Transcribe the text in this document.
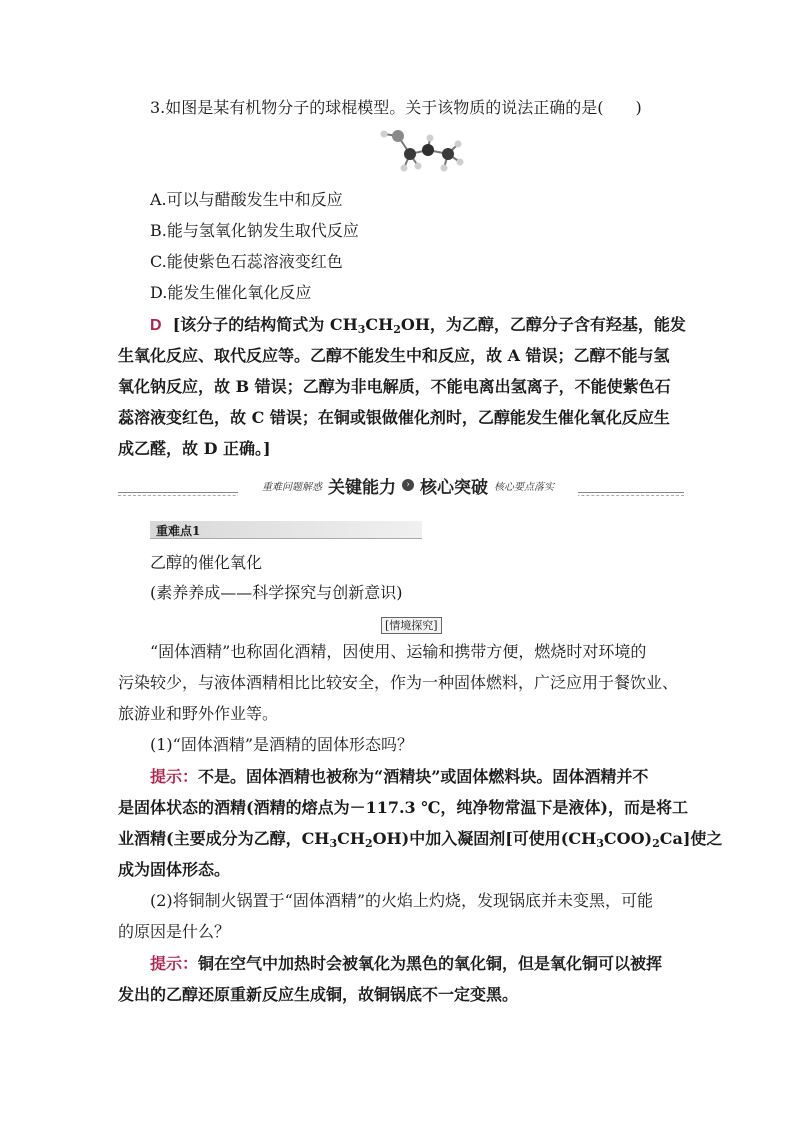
3.如图是某有机物分子的球棍模型。关于该物质的说法正确的是(　　)
A.可以与醋酸发生中和反应
B.能与氢氧化钠发生取代反应
C.能使紫色石蕊溶液变红色
D.能发生催化氧化反应
D [该分子的结构简式为 $CH_3CH_2OH$，为乙醇，乙醇分子含有羟基，能发
生氧化反应、取代反应等。乙醇不能发生中和反应，故 A 错误；乙醇不能与氢
氧化钠反应，故 B 错误；乙醇为非电解质，不能电离出氢离子，不能使紫色石
蕊溶液变红色，故 C 错误；在铜或银做催化剂时，乙醇能发生催化氧化反应生
成乙醛，故 D 正确。]
重难问题解惑 关键能力	› 核心突破 核心要点落实
重难点1
乙醇的催化氧化
(素养养成——科学探究与创新意识)
[情境探究]
“固体酒精”也称固化酒精，因使用、运输和携带方便，燃烧时对环境的
污染较少，与液体酒精相比比较安全，作为一种固体燃料，广泛应用于餐饮业、
旅游业和野外作业等。
(1)“固体酒精”是酒精的固体形态吗？
提示：不是。固体酒精也被称为“酒精块”或固体燃料块。固体酒精并不
是固体状态的酒精(酒精的熔点为－117.3 ℃，纯净物常温下是液体)，而是将工
业酒精(主要成分为乙醇，$CH_3CH_2OH$)中加入凝固剂[可使用$(CH_3COO)_2Ca$]使之
成为固体形态。
(2)将铜制火锅置于“固体酒精”的火焰上灼烧，发现锅底并未变黑，可能
的原因是什么？
提示：铜在空气中加热时会被氧化为黑色的氧化铜，但是氧化铜可以被挥
发出的乙醇还原重新反应生成铜，故铜锅底不一定变黑。
